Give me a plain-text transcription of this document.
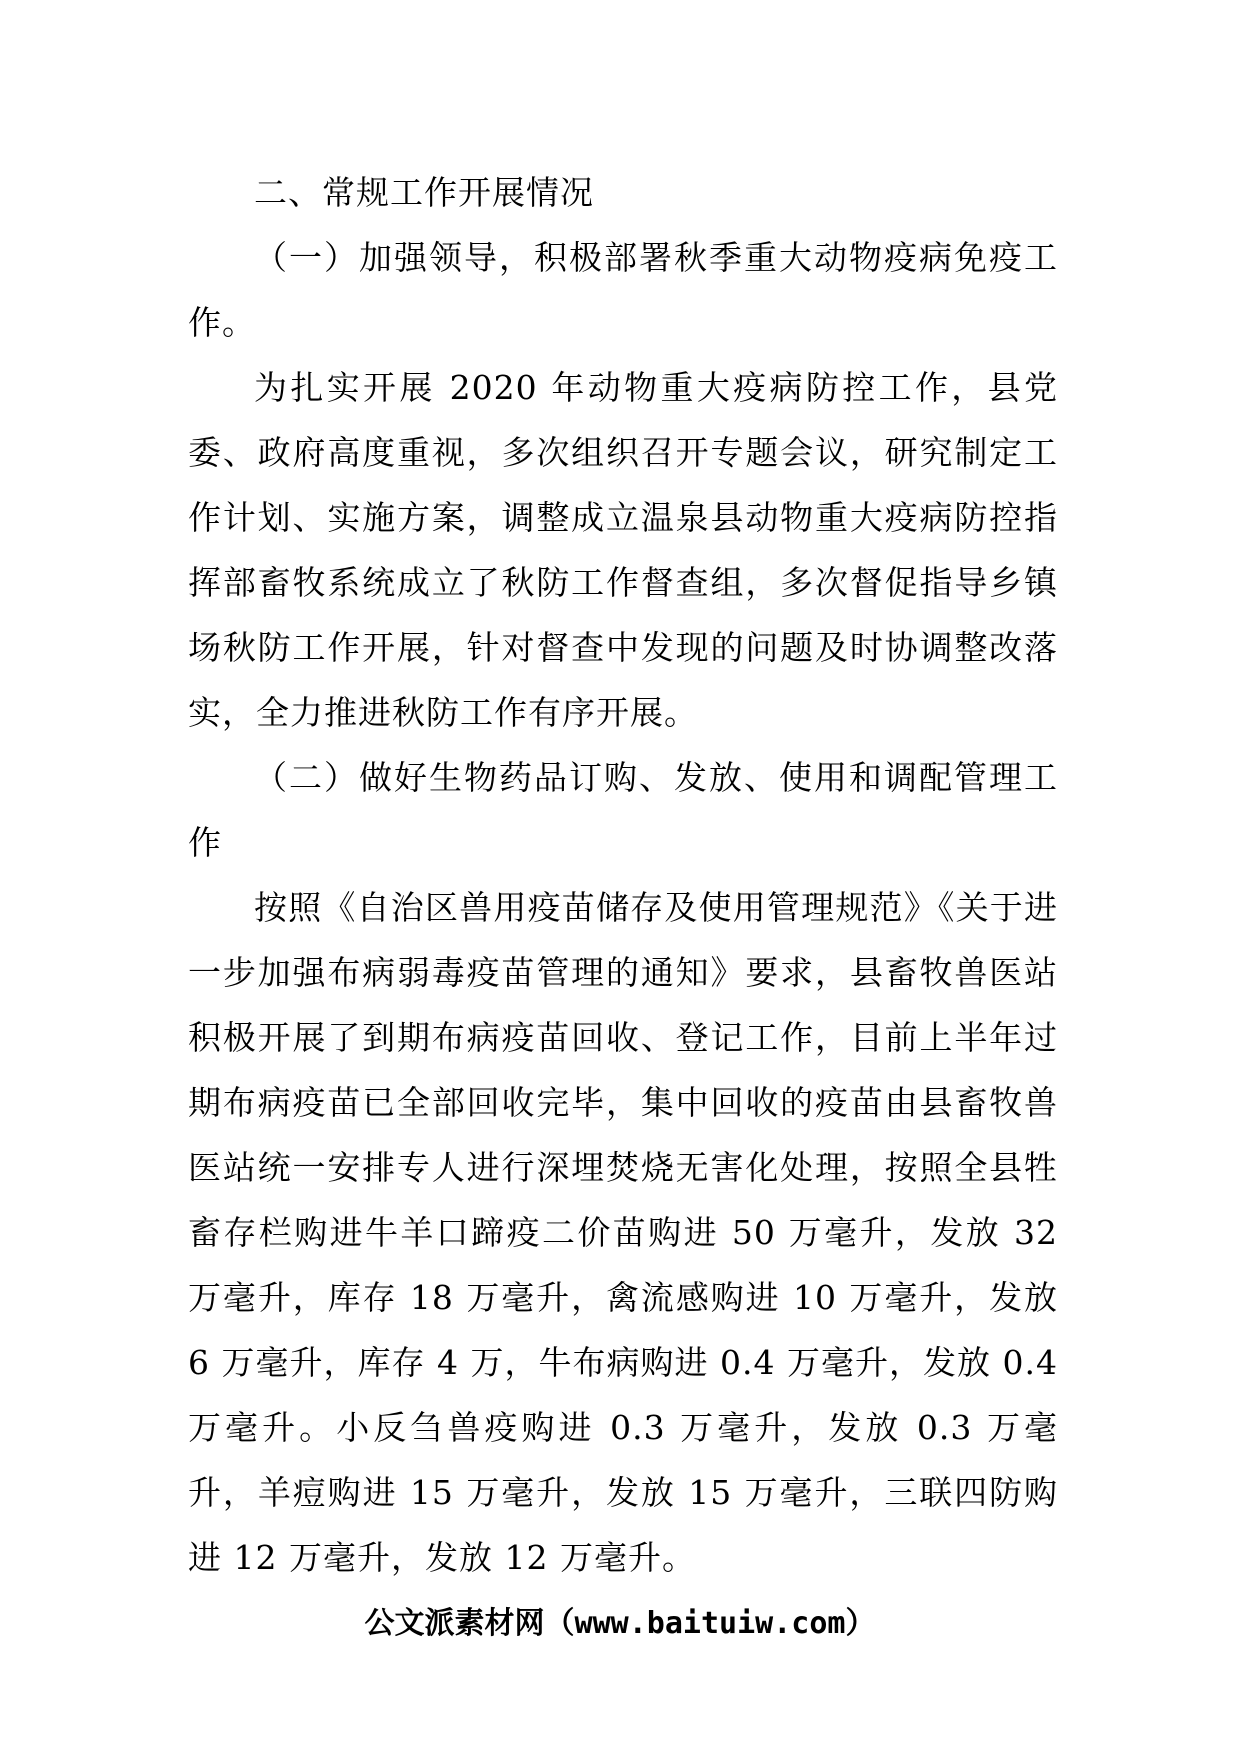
二、常规工作开展情况

（一）加强领导，积极部署秋季重大动物疫病免疫工作。

为扎实开展 2020 年动物重大疫病防控工作，县党委、政府高度重视，多次组织召开专题会议，研究制定工作计划、实施方案，调整成立温泉县动物重大疫病防控指挥部畜牧系统成立了秋防工作督查组，多次督促指导乡镇场秋防工作开展，针对督查中发现的问题及时协调整改落实，全力推进秋防工作有序开展。

（二）做好生物药品订购、发放、使用和调配管理工作

按照《自治区兽用疫苗储存及使用管理规范》《关于进一步加强布病弱毒疫苗管理的通知》要求，县畜牧兽医站积极开展了到期布病疫苗回收、登记工作，目前上半年过期布病疫苗已全部回收完毕，集中回收的疫苗由县畜牧兽医站统一安排专人进行深埋焚烧无害化处理，按照全县牲畜存栏购进牛羊口蹄疫二价苗购进 50 万毫升，发放 32 万毫升，库存 18 万毫升，禽流感购进 10 万毫升，发放 6 万毫升，库存 4 万，牛布病购进 0.4 万毫升，发放 0.4 万毫升。小反刍兽疫购进 0.3 万毫升，发放 0.3 万毫升，羊痘购进 15 万毫升，发放 15 万毫升，三联四防购进 12 万毫升，发放 12 万毫升。

公文派素材网（www.baituiw.com）
